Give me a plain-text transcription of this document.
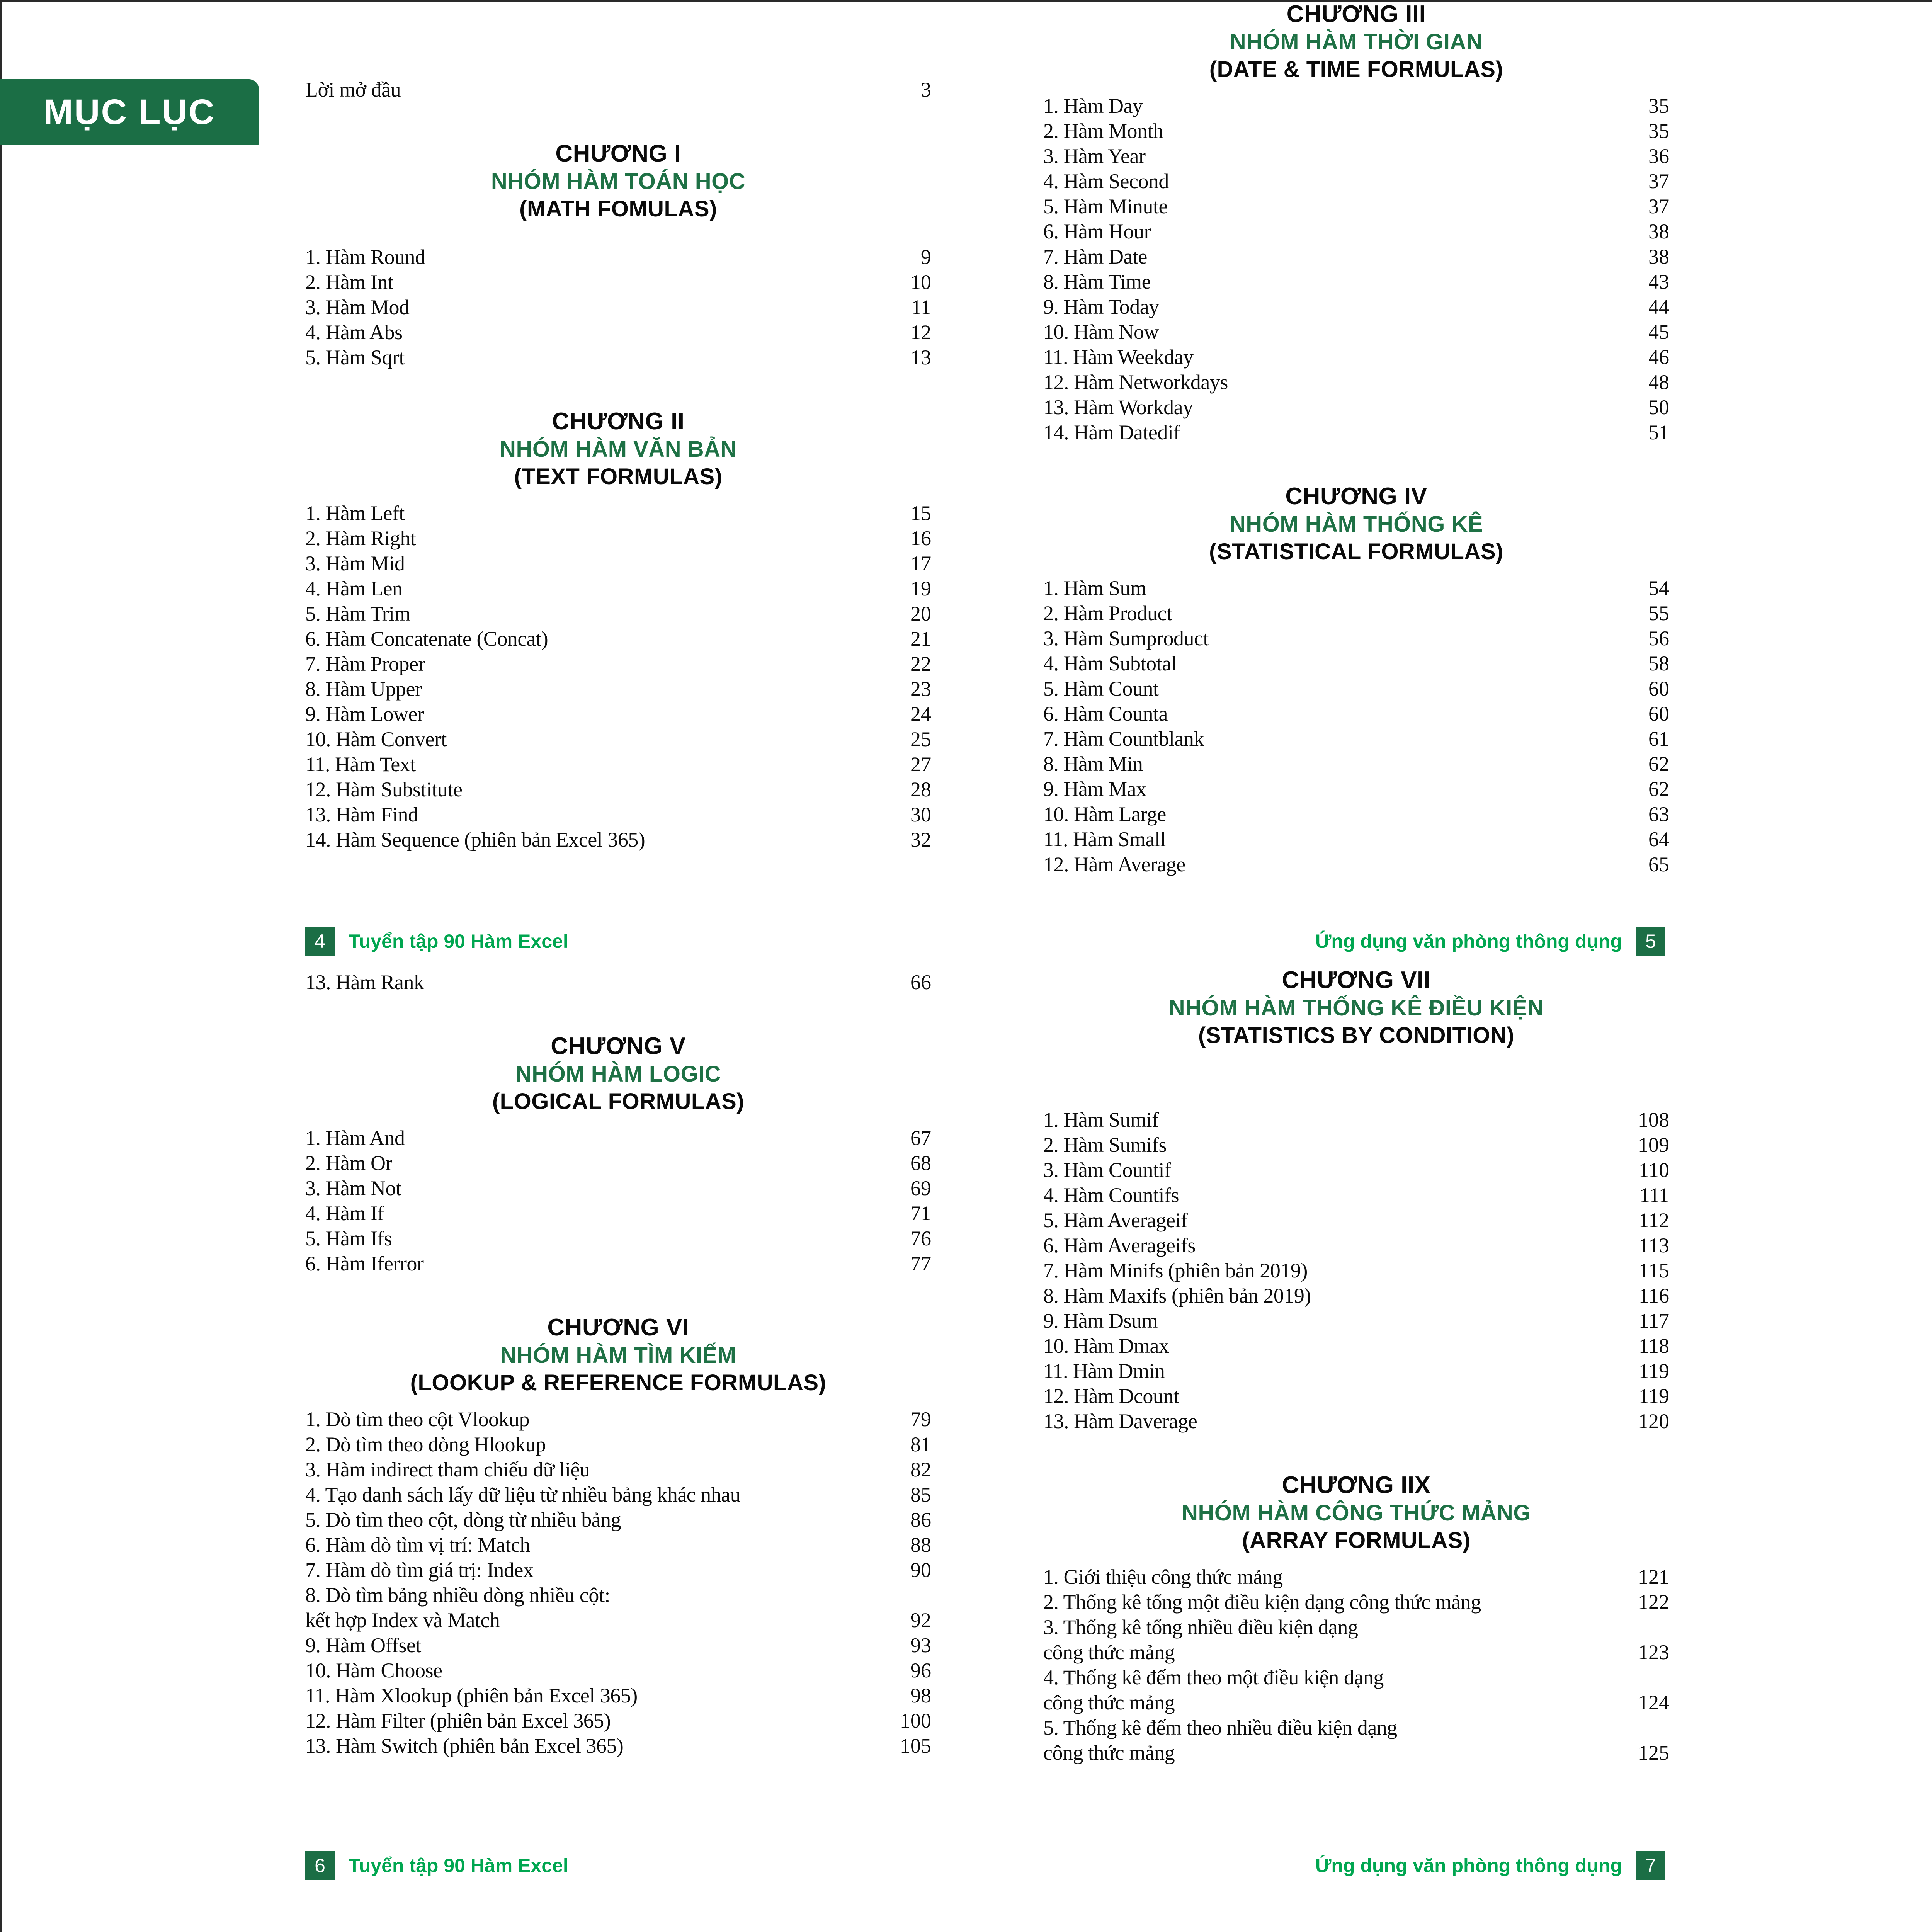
MỤC LỤC
Lời mở đầu	3
CHƯƠNG I
NHÓM HÀM TOÁN HỌC
(MATH FOMULAS)
1. Hàm Round	9
2. Hàm Int	10
3. Hàm Mod	11
4. Hàm Abs	12
5. Hàm Sqrt	13
CHƯƠNG II
NHÓM HÀM VĂN BẢN
(TEXT FORMULAS)
1. Hàm Left	15
2. Hàm Right	16
3. Hàm Mid	17
4. Hàm Len	19
5. Hàm Trim	20
6. Hàm Concatenate (Concat)	21
7. Hàm Proper	22
8. Hàm Upper	23
9. Hàm Lower	24
10. Hàm Convert	25
11. Hàm Text	27
12. Hàm Substitute	28
13. Hàm Find	30
14. Hàm Sequence (phiên bản Excel 365)	32
CHƯƠNG III
NHÓM HÀM THỜI GIAN
(DATE & TIME FORMULAS)
1. Hàm Day	35
2. Hàm Month	35
3. Hàm Year	36
4. Hàm Second	37
5. Hàm Minute	37
6. Hàm Hour	38
7. Hàm Date	38
8. Hàm Time	43
9. Hàm Today	44
10. Hàm Now	45
11. Hàm Weekday	46
12. Hàm Networkdays	48
13. Hàm Workday	50
14. Hàm Datedif	51
CHƯƠNG IV
NHÓM HÀM THỐNG KÊ
(STATISTICAL FORMULAS)
1. Hàm Sum	54
2. Hàm Product	55
3. Hàm Sumproduct	56
4. Hàm Subtotal	58
5. Hàm Count	60
6. Hàm Counta	60
7. Hàm Countblank	61
8. Hàm Min	62
9. Hàm Max	62
10. Hàm Large	63
11. Hàm Small	64
12. Hàm Average	65
13. Hàm Rank	66
CHƯƠNG V
NHÓM HÀM LOGIC
(LOGICAL FORMULAS)
1. Hàm And	67
2. Hàm Or	68
3. Hàm Not	69
4. Hàm If	71
5. Hàm Ifs	76
6. Hàm Iferror	77
CHƯƠNG VI
NHÓM HÀM TÌM KIẾM
(LOOKUP & REFERENCE FORMULAS)
1. Dò tìm theo cột Vlookup	79
2. Dò tìm theo dòng Hlookup	81
3. Hàm indirect tham chiếu dữ liệu	82
4. Tạo danh sách lấy dữ liệu từ nhiều bảng khác nhau	85
5. Dò tìm theo cột, dòng từ nhiều bảng	86
6. Hàm dò tìm vị trí: Match	88
7. Hàm dò tìm giá trị: Index	90
8. Dò tìm bảng nhiều dòng nhiều cột:
kết hợp Index và Match	92
9. Hàm Offset	93
10. Hàm Choose	96
11. Hàm Xlookup (phiên bản Excel 365)	98
12. Hàm Filter (phiên bản Excel 365)	100
13. Hàm Switch (phiên bản Excel 365)	105
CHƯƠNG VII
NHÓM HÀM THỐNG KÊ ĐIỀU KIỆN
(STATISTICS BY CONDITION)
1. Hàm Sumif	108
2. Hàm Sumifs	109
3. Hàm Countif	110
4. Hàm Countifs	111
5. Hàm Averageif	112
6. Hàm Averageifs	113
7. Hàm Minifs (phiên bản 2019)	115
8. Hàm Maxifs (phiên bản 2019)	116
9. Hàm Dsum	117
10. Hàm Dmax	118
11. Hàm Dmin	119
12. Hàm Dcount	119
13. Hàm Daverage	120
CHƯƠNG IIX
NHÓM HÀM CÔNG THỨC MẢNG
(ARRAY FORMULAS)
1. Giới thiệu công thức mảng	121
2. Thống kê tổng một điều kiện dạng công thức mảng	122
3. Thống kê tổng nhiều điều kiện dạng
công thức mảng	123
4. Thống kê đếm theo một điều kiện dạng
công thức mảng	124
5. Thống kê đếm theo nhiều điều kiện dạng
công thức mảng	125
4	Tuyển tập 90 Hàm Excel	Ứng dụng văn phòng thông dụng	5
6	Tuyển tập 90 Hàm Excel	Ứng dụng văn phòng thông dụng	7
